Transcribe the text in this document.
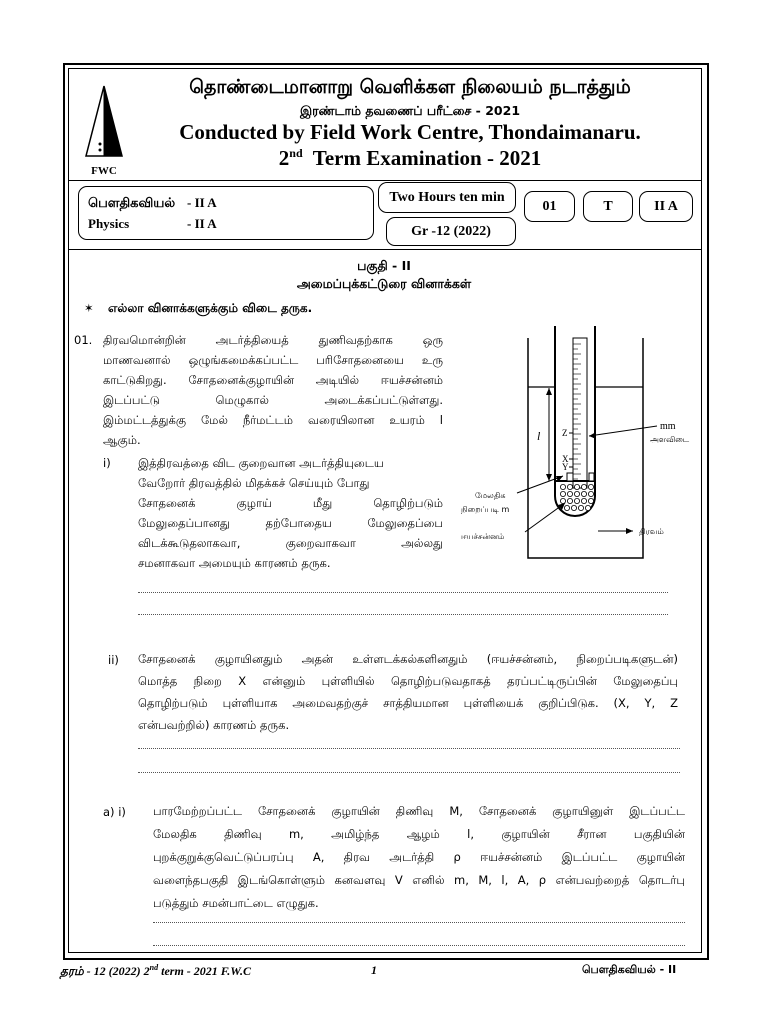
FWC
தொண்டைமானாறு வெளிக்கள நிலையம் நடாத்தும்
இரண்டாம் தவணைப் பரீட்சை - 2021
Conducted by Field Work Centre, Thondaimanaru.
2nd Term Examination - 2021
பௌதிகவியல் - II A
Physics	- II A
Two Hours ten min
Gr -12 (2022)
01	T	II A
பகுதி - II
அமைப்புக்கட்டுரை வினாக்கள்
✶ எல்லா வினாக்களுக்கும் விடை தருக.
01. திரவமொன்றின் அடர்த்தியைத் துணிவதற்காக ஒரு
மாணவனால் ஒழுங்கமைக்கப்பட்ட பரிசோதனையை உரு
காட்டுகிறது. சோதனைக்குழாயின் அடியில் ஈயச்சன்னம்
இடப்பட்டு மெழுகால் அடைக்கப்பட்டுள்ளது.
இம்மட்டத்துக்கு மேல் நீர்மட்டம் வரையிலான உயரம் l
ஆகும்.
i) இத்திரவத்தை விட குறைவான அடர்த்தியுடைய
வேறோர் திரவத்தில் மிதக்கச் செய்யும் போது
சோதனைக் குழாய் மீது தொழிற்படும்
மேலுதைப்பானது தற்போதைய மேலுதைப்பை
விடக்கூடுதலாகவா, குறைவாகவா அல்லது
சமனாகவா அமையும் காரணம் தருக.
ii) சோதனைக் குழாயினதும் அதன் உள்ளடக்கல்களினதும் (ஈயச்சன்னம், நிறைப்படிகளுடன்)
மொத்த நிறை X என்னும் புள்ளியில் தொழிற்படுவதாகத் தரப்பட்டிருப்பின் மேலுதைப்பு
தொழிற்படும் புள்ளியாக அமைவதற்குச் சாத்தியமான புள்ளியைக் குறிப்பிடுக. (X, Y, Z
என்பவற்றில்) காரணம் தருக.
a) i) பாரமேற்றப்பட்ட சோதனைக் குழாயின் திணிவு M, சோதனைக் குழாயினுள் இடப்பட்ட
மேலதிக திணிவு m, அமிழ்ந்த ஆழம் l, குழாயின் சீரான பகுதியின்
புறக்குறுக்குவெட்டுப்பரப்பு A, திரவ அடர்த்தி ρ ஈயச்சன்னம் இடப்பட்ட குழாயின்
வளைந்தபகுதி இடங்கொள்ளும் கனவளவு V எனில் m, M, l, A, ρ என்பவற்றைத் தொடர்பு
படுத்தும் சமன்பாட்டை எழுதுக.
l Z
X
Y
mm
அளவிடை
மேலதிக
நிறைப்படி m
ஈயச்சன்னம்
திரவம்
தரம் - 12 (2022) 2nd term - 2021 F.W.C	1	பௌதிகவியல் - II
